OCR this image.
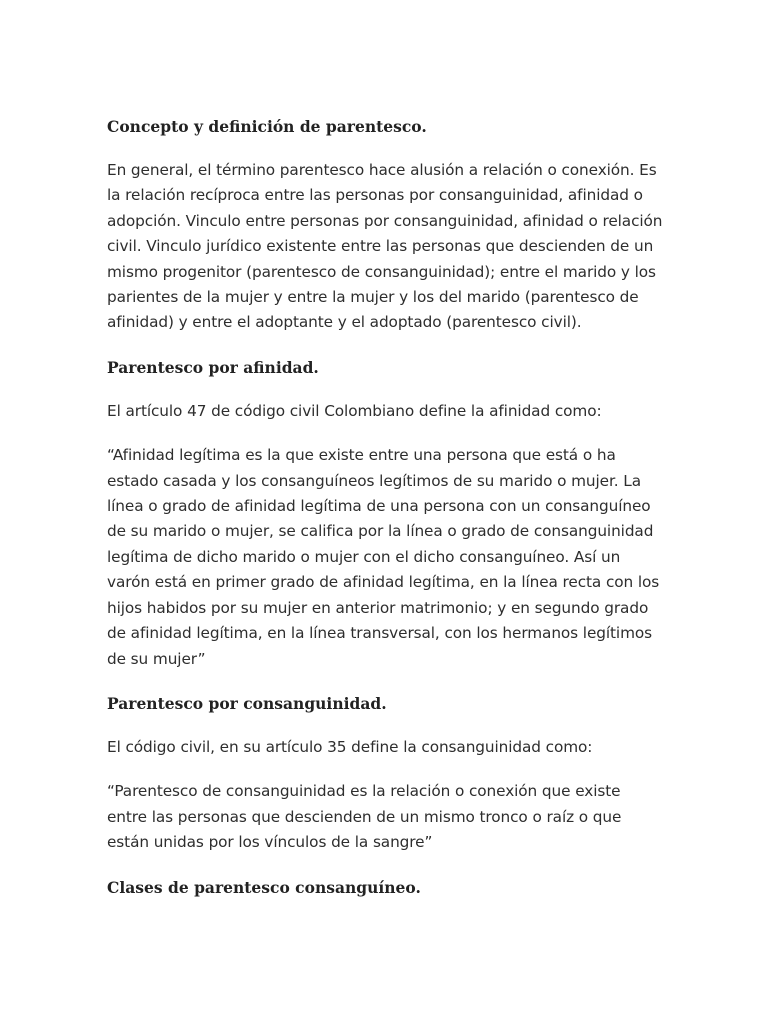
Concepto y definición de parentesco.

En general, el término parentesco hace alusión a relación o conexión. Es
la relación recíproca entre las personas por consanguinidad, afinidad o
adopción. Vinculo entre personas por consanguinidad, afinidad o relación
civil. Vinculo jurídico existente entre las personas que descienden de un
mismo progenitor (parentesco de consanguinidad); entre el marido y los
parientes de la mujer y entre la mujer y los del marido (parentesco de
afinidad) y entre el adoptante y el adoptado (parentesco civil).

Parentesco por afinidad.

El artículo 47 de código civil Colombiano define la afinidad como:

“Afinidad legítima es la que existe entre una persona que está o ha
estado casada y los consanguíneos legítimos de su marido o mujer. La
línea o grado de afinidad legítima de una persona con un consanguíneo
de su marido o mujer, se califica por la línea o grado de consanguinidad
legítima de dicho marido o mujer con el dicho consanguíneo. Así un
varón está en primer grado de afinidad legítima, en la línea recta con los
hijos habidos por su mujer en anterior matrimonio; y en segundo grado
de afinidad legítima, en la línea transversal, con los hermanos legítimos
de su mujer”

Parentesco por consanguinidad.

El código civil, en su artículo 35 define la consanguinidad como:

“Parentesco de consanguinidad es la relación o conexión que existe
entre las personas que descienden de un mismo tronco o raíz o que
están unidas por los vínculos de la sangre”

Clases de parentesco consanguíneo.
